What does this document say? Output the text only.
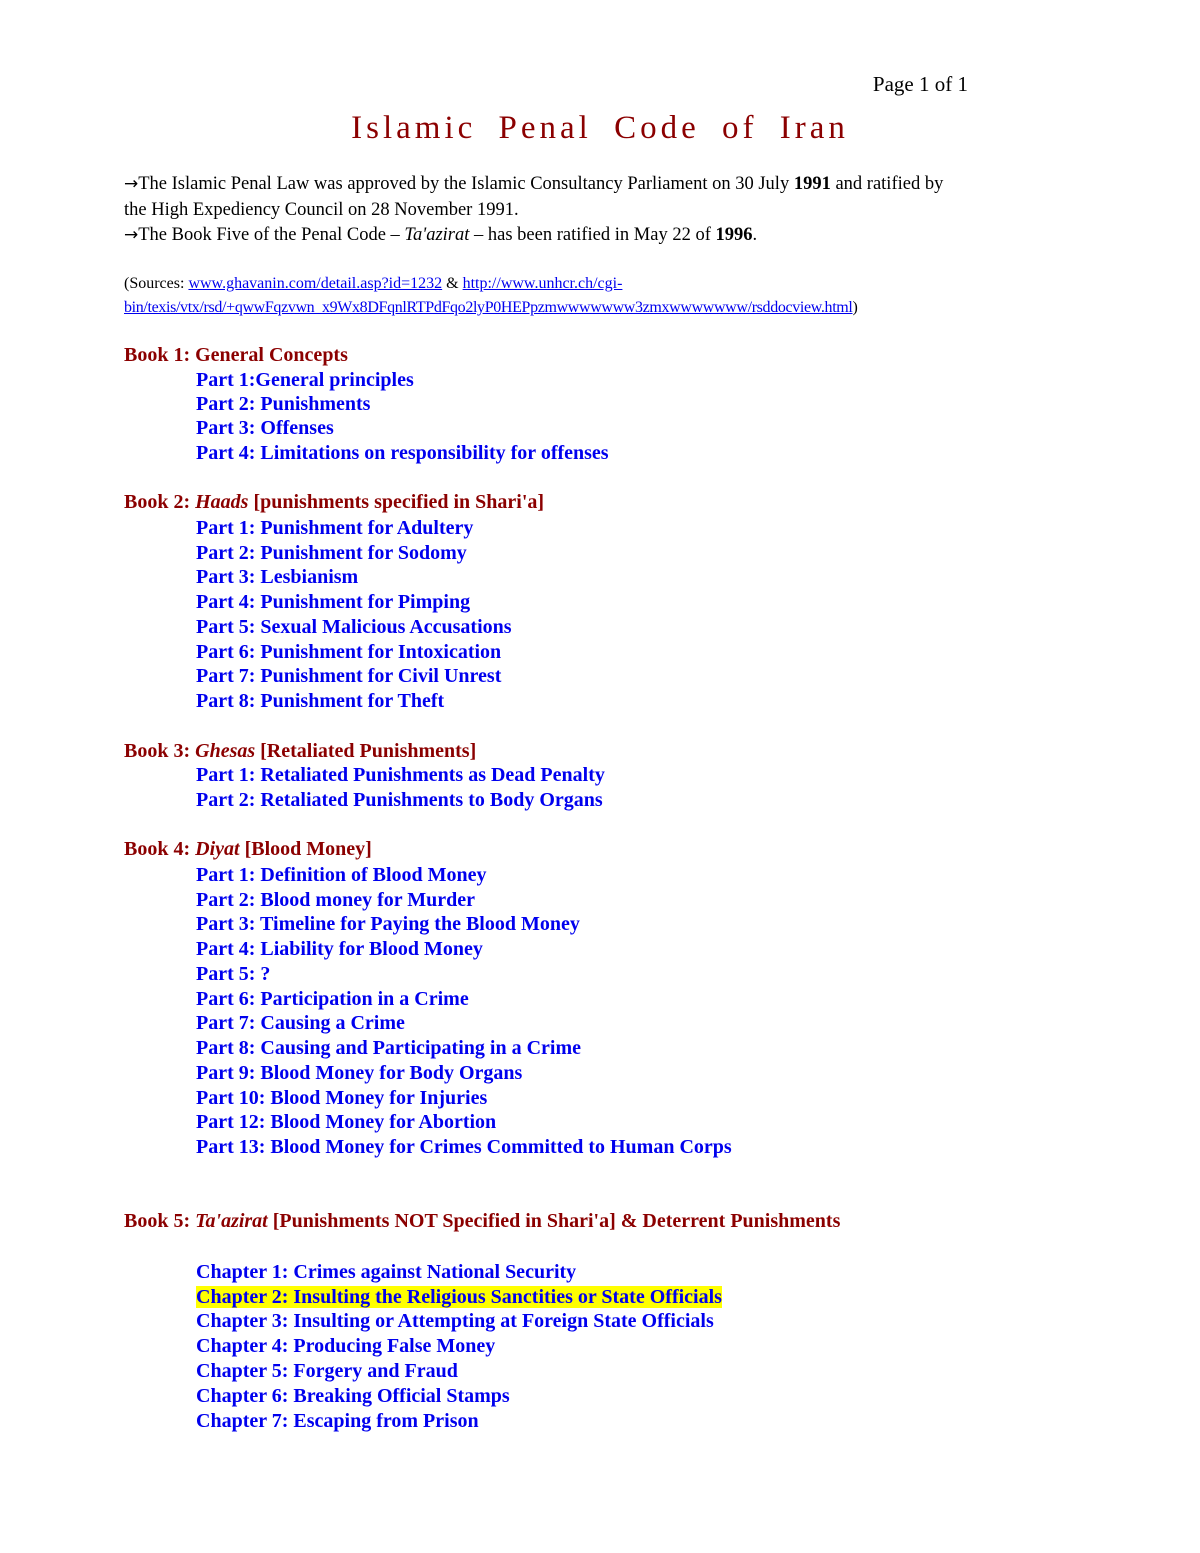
Page 1 of 1
Islamic Penal Code of Iran
→The Islamic Penal Law was approved by the Islamic Consultancy Parliament on 30 July 1991 and ratified by
the High Expediency Council on 28 November 1991.
→The Book Five of the Penal Code – Ta'azirat – has been ratified in May 22 of 1996.
(Sources: www.ghavanin.com/detail.asp?id=1232 & http://www.unhcr.ch/cgi-
bin/texis/vtx/rsd/+qwwFqzvwn_x9Wx8DFqnlRTPdFqo2lyP0HEPpzmwwwwwww3zmxwwwwwww/rsddocview.html)
Book 1: General Concepts
Part 1:General principles
Part 2: Punishments
Part 3: Offenses
Part 4: Limitations on responsibility for offenses
Book 2: Haads [punishments specified in Shari'a]
Part 1: Punishment for Adultery
Part 2: Punishment for Sodomy
Part 3: Lesbianism
Part 4: Punishment for Pimping
Part 5: Sexual Malicious Accusations
Part 6: Punishment for Intoxication
Part 7: Punishment for Civil Unrest
Part 8: Punishment for Theft
Book 3: Ghesas [Retaliated Punishments]
Part 1: Retaliated Punishments as Dead Penalty
Part 2: Retaliated Punishments to Body Organs
Book 4: Diyat [Blood Money]
Part 1: Definition of Blood Money
Part 2: Blood money for Murder
Part 3: Timeline for Paying the Blood Money
Part 4: Liability for Blood Money
Part 5: ?
Part 6: Participation in a Crime
Part 7: Causing a Crime
Part 8: Causing and Participating in a Crime
Part 9: Blood Money for Body Organs
Part 10: Blood Money for Injuries
Part 12: Blood Money for Abortion
Part 13: Blood Money for Crimes Committed to Human Corps
Book 5: Ta'azirat [Punishments NOT Specified in Shari'a] & Deterrent Punishments
Chapter 1: Crimes against National Security
Chapter 2: Insulting the Religious Sanctities or State Officials
Chapter 3: Insulting or Attempting at Foreign State Officials
Chapter 4: Producing False Money
Chapter 5: Forgery and Fraud
Chapter 6: Breaking Official Stamps
Chapter 7: Escaping from Prison
